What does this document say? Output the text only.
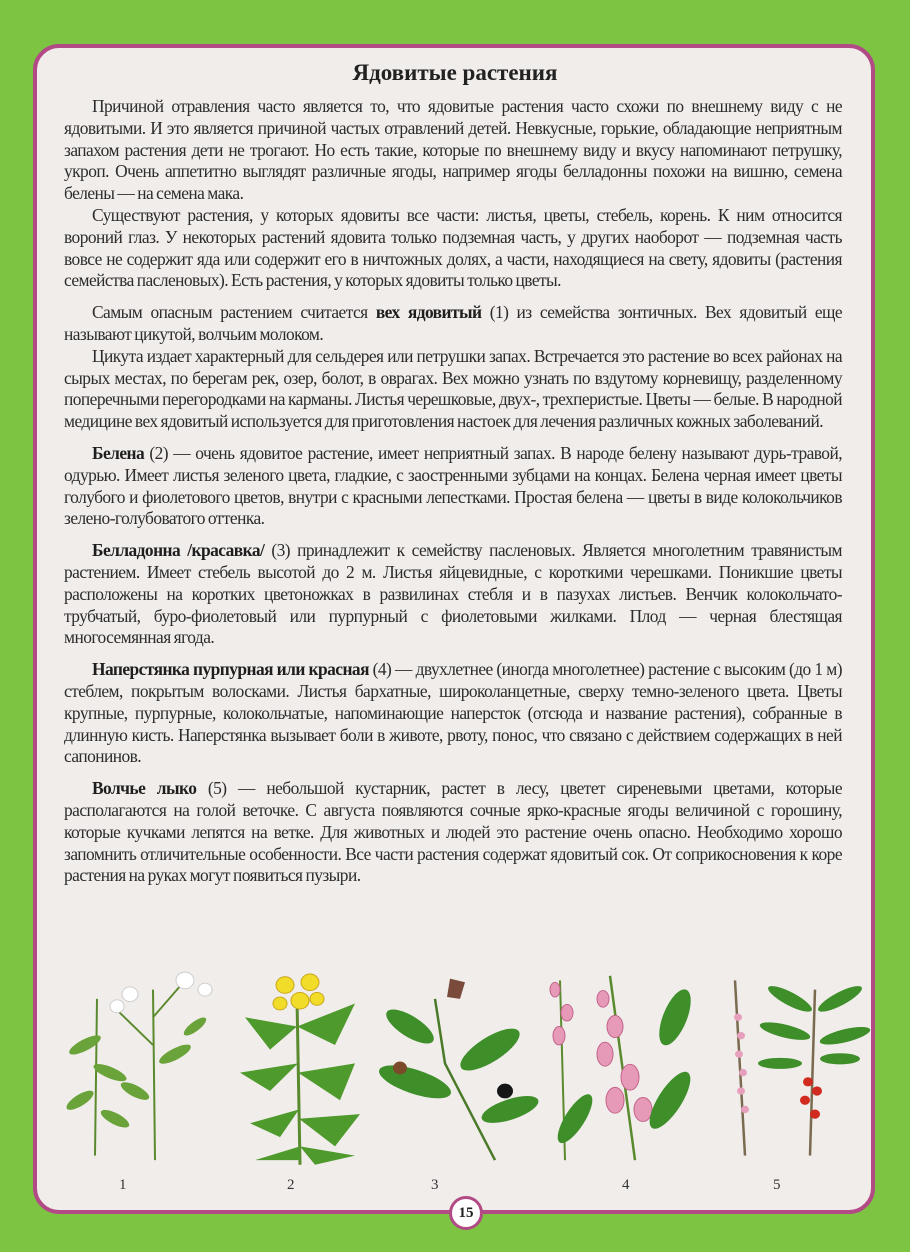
Ядовитые растения

Причиной отравления часто является то, что ядовитые растения часто схожи по внешнему виду с не ядовитыми. И это является причиной частых отравлений детей. Невкусные, горькие, обладающие неприятным запахом растения дети не трогают. Но есть такие, которые по внешнему виду и вкусу напоминают петрушку, укроп. Очень аппетитно выглядят различные ягоды, например ягоды белладонны похожи на вишню, семена белены — на семена мака.

Существуют растения, у которых ядовиты все части: листья, цветы, стебель, корень. К ним относится вороний глаз. У некоторых растений ядовита только подземная часть, у других наоборот — подземная часть вовсе не содержит яда или содержит его в ничтожных долях, а части, находящиеся на свету, ядовиты (растения семейства пасленовых). Есть растения, у которых ядовиты только цветы.

Самым опасным растением считается вех ядовитый (1) из семейства зонтичных. Вех ядовитый еще называют цикутой, волчьим молоком.

Цикута издает характерный для сельдерея или петрушки запах. Встречается это растение во всех районах на сырых местах, по берегам рек, озер, болот, в оврагах. Вех можно узнать по вздутому корневищу, разделенному поперечными перегородками на карманы. Листья черешковые, двух-, трехперистые. Цветы — белые. В народной медицине вех ядовитый используется для приготовления настоек для лечения различных кожных заболеваний.

Белена (2) — очень ядовитое растение, имеет неприятный запах. В народе белену называют дурь-травой, одурью. Имеет листья зеленого цвета, гладкие, с заостренными зубцами на концах. Белена черная имеет цветы голубого и фиолетового цветов, внутри с красными лепестками. Простая белена — цветы в виде колокольчиков зелено-голубоватого оттенка.

Белладонна /красавка/ (3) принадлежит к семейству пасленовых. Является многолетним травянистым растением. Имеет стебель высотой до 2 м. Листья яйцевидные, с короткими черешками. Поникшие цветы расположены на коротких цветоножках в развилинах стебля и в пазухах листьев. Венчик колокольчато-трубчатый, буро-фиолетовый или пурпурный с фиолетовыми жилками. Плод — черная блестящая многосемянная ягода.

Наперстянка пурпурная или красная (4) — двухлетнее (иногда многолетнее) растение с высоким (до 1 м) стеблем, покрытым волосками. Листья бархатные, широколанцетные, сверху темно-зеленого цвета. Цветы крупные, пурпурные, колокольчатые, напоминающие наперсток (отсюда и название растения), собранные в длинную кисть. Наперстянка вызывает боли в животе, рвоту, понос, что связано с действием содержащих в ней сапонинов.

Волчье лыко (5) — небольшой кустарник, растет в лесу, цветет сиреневыми цветами, которые располагаются на голой веточке. С августа появляются сочные ярко-красные ягоды величиной с горошину, которые кучками лепятся на ветке. Для животных и людей это растение очень опасно. Необходимо хорошо запомнить отличительные особенности. Все части растения содержат ядовитый сок. От соприкосновения к коре растения на руках могут появиться пузыри.

1	2	3	4	5
15
